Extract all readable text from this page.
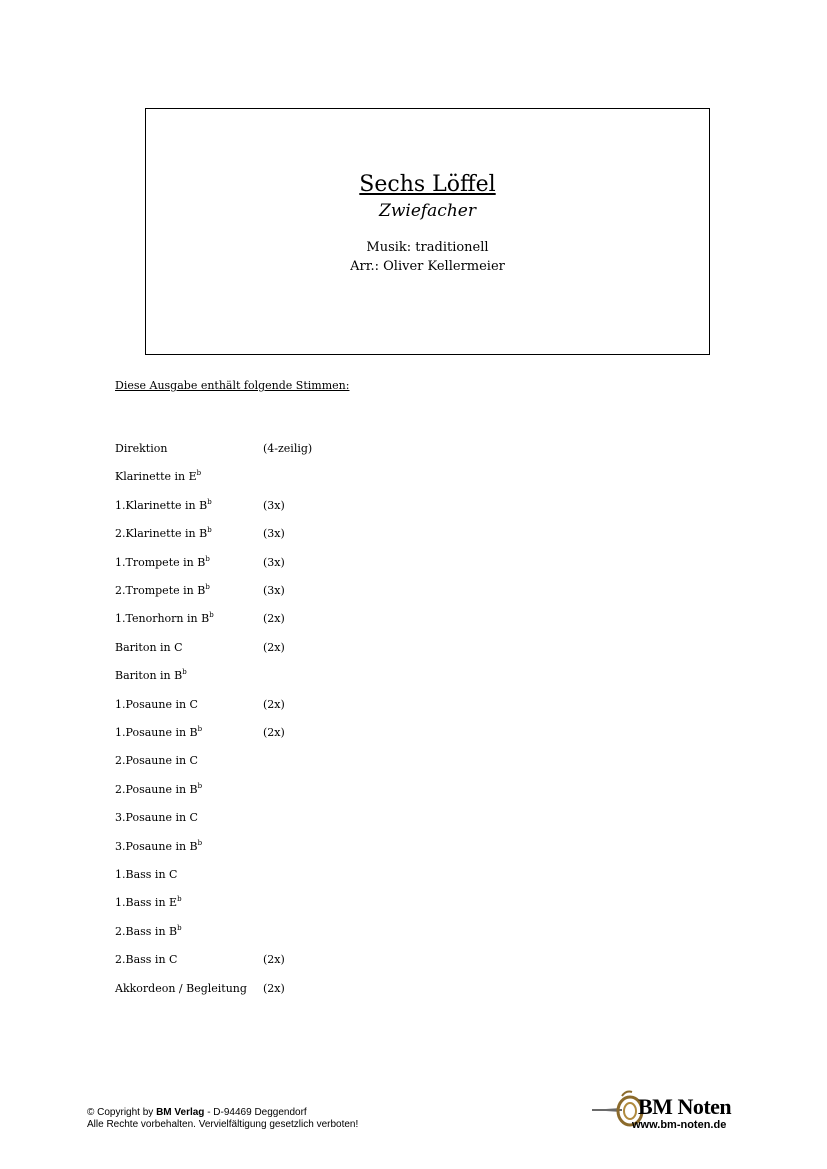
Sechs Löffel
Zwiefacher
Musik: traditionell
Arr.: Oliver Kellermeier
Diese Ausgabe enthält folgende Stimmen:
Direktion	(4-zeilig)
Klarinette in $E^b$
1.Klarinette in $B^b$	(3x)
2.Klarinette in $B^b$	(3x)
1.Trompete in $B^b$	(3x)
2.Trompete in $B^b$	(3x)
1.Tenorhorn in $B^b$	(2x)
Bariton in C	(2x)
Bariton in $B^b$
1.Posaune in C	(2x)
1.Posaune in $B^b$	(2x)
2.Posaune in C
2.Posaune in $B^b$
3.Posaune in C
3.Posaune in $B^b$
1.Bass in C
1.Bass in $E^b$
2.Bass in $B^b$
2.Bass in C	(2x)
Akkordeon / Begleitung (2x)
© Copyright by BM Verlag - D-94469 Deggendorf
Alle Rechte vorbehalten. Vervielfältigung gesetzlich verboten!
BM Noten
www.bm-noten.de
